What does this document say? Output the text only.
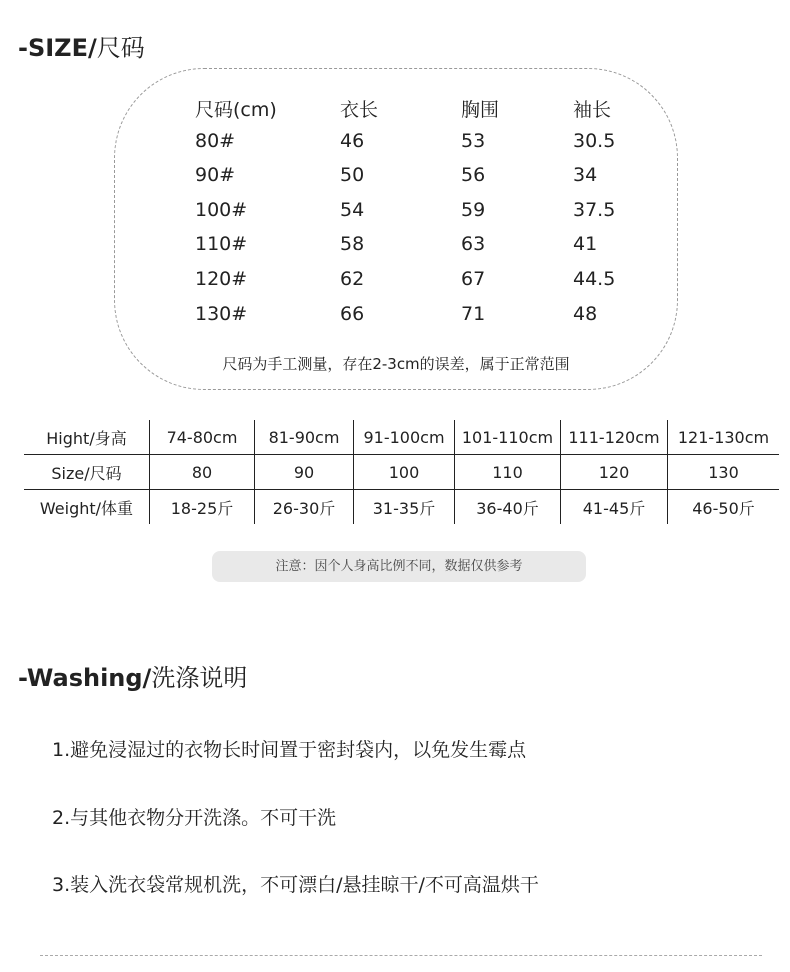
-SIZE/尺码
尺码(cm)	衣长	胸围	袖长
80#	46	53	30.5
90#	50	56	34
100#	54	59	37.5
110#	58	63	41
120#	62	67	44.5
130#	66	71	48
尺码为手工测量，存在2-3cm的误差，属于正常范围
Hight/身高	74-80cm	81-90cm	91-100cm	101-110cm	111-120cm	121-130cm
Size/尺码	80	90	100	110	120	130
Weight/体重	18-25斤	26-30斤	31-35斤	36-40斤	41-45斤	46-50斤
注意：因个人身高比例不同，数据仅供参考
-Washing/洗涤说明
1.避免浸湿过的衣物长时间置于密封袋内，以免发生霉点
2.与其他衣物分开洗涤。不可干洗
3.装入洗衣袋常规机洗，不可漂白/悬挂晾干/不可高温烘干
